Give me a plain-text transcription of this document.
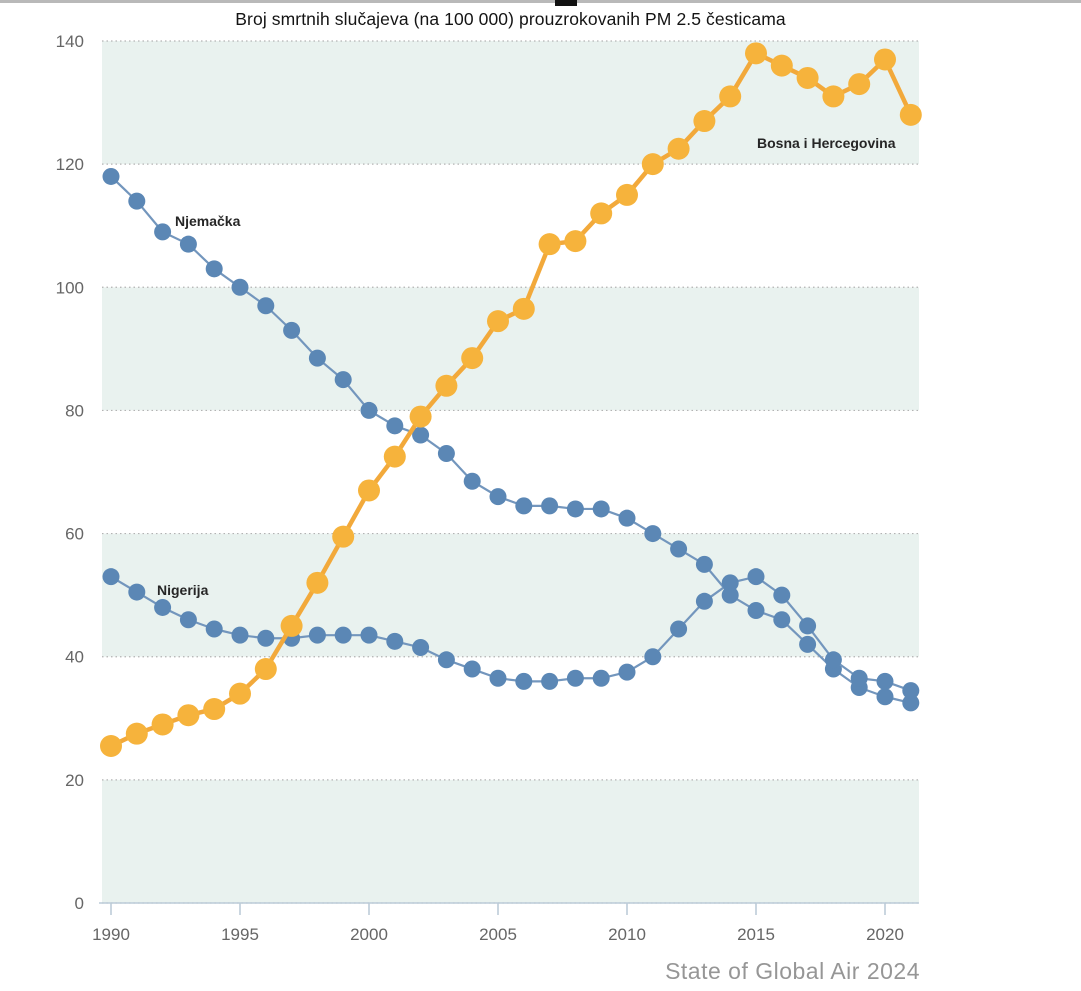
Broj smrtnih slučajeva (na 100 000) prouzrokovanih PM 2.5 česticama
0
20
40
60
80
100
120
140
1990	1995	2000	2005	2010	2015	2020
Njemačka
Nigerija
Bosna i Hercegovina
State of Global Air 2024
